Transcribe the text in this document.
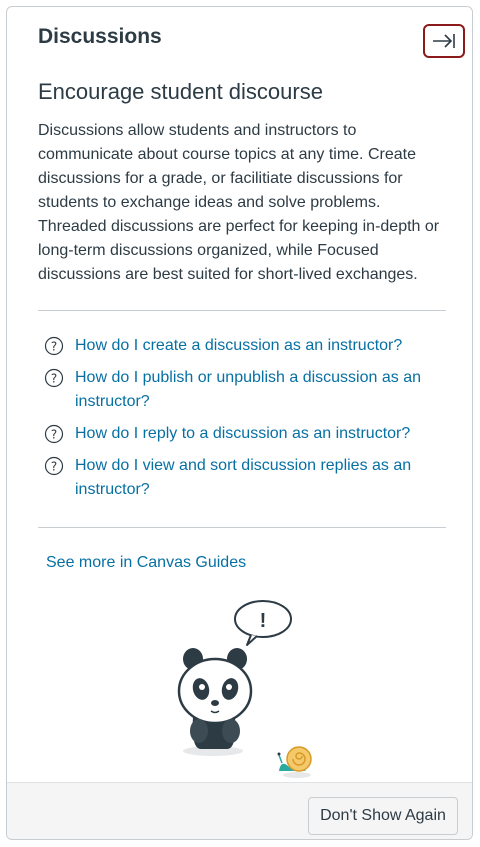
Discussions
Encourage student discourse

Discussions allow students and instructors to communicate about course topics at any time. Create discussions for a grade, or facilitiate discussions for students to exchange ideas and solve problems. Threaded discussions are perfect for keeping in-depth or long-term discussions organized, while Focused discussions are best suited for short-lived exchanges.

? How do I create a discussion as an instructor?
? How do I publish or unpublish a discussion as an instructor?
? How do I reply to a discussion as an instructor?
? How do I view and sort discussion replies as an instructor?
See more in Canvas Guides
!
Don't Show Again
